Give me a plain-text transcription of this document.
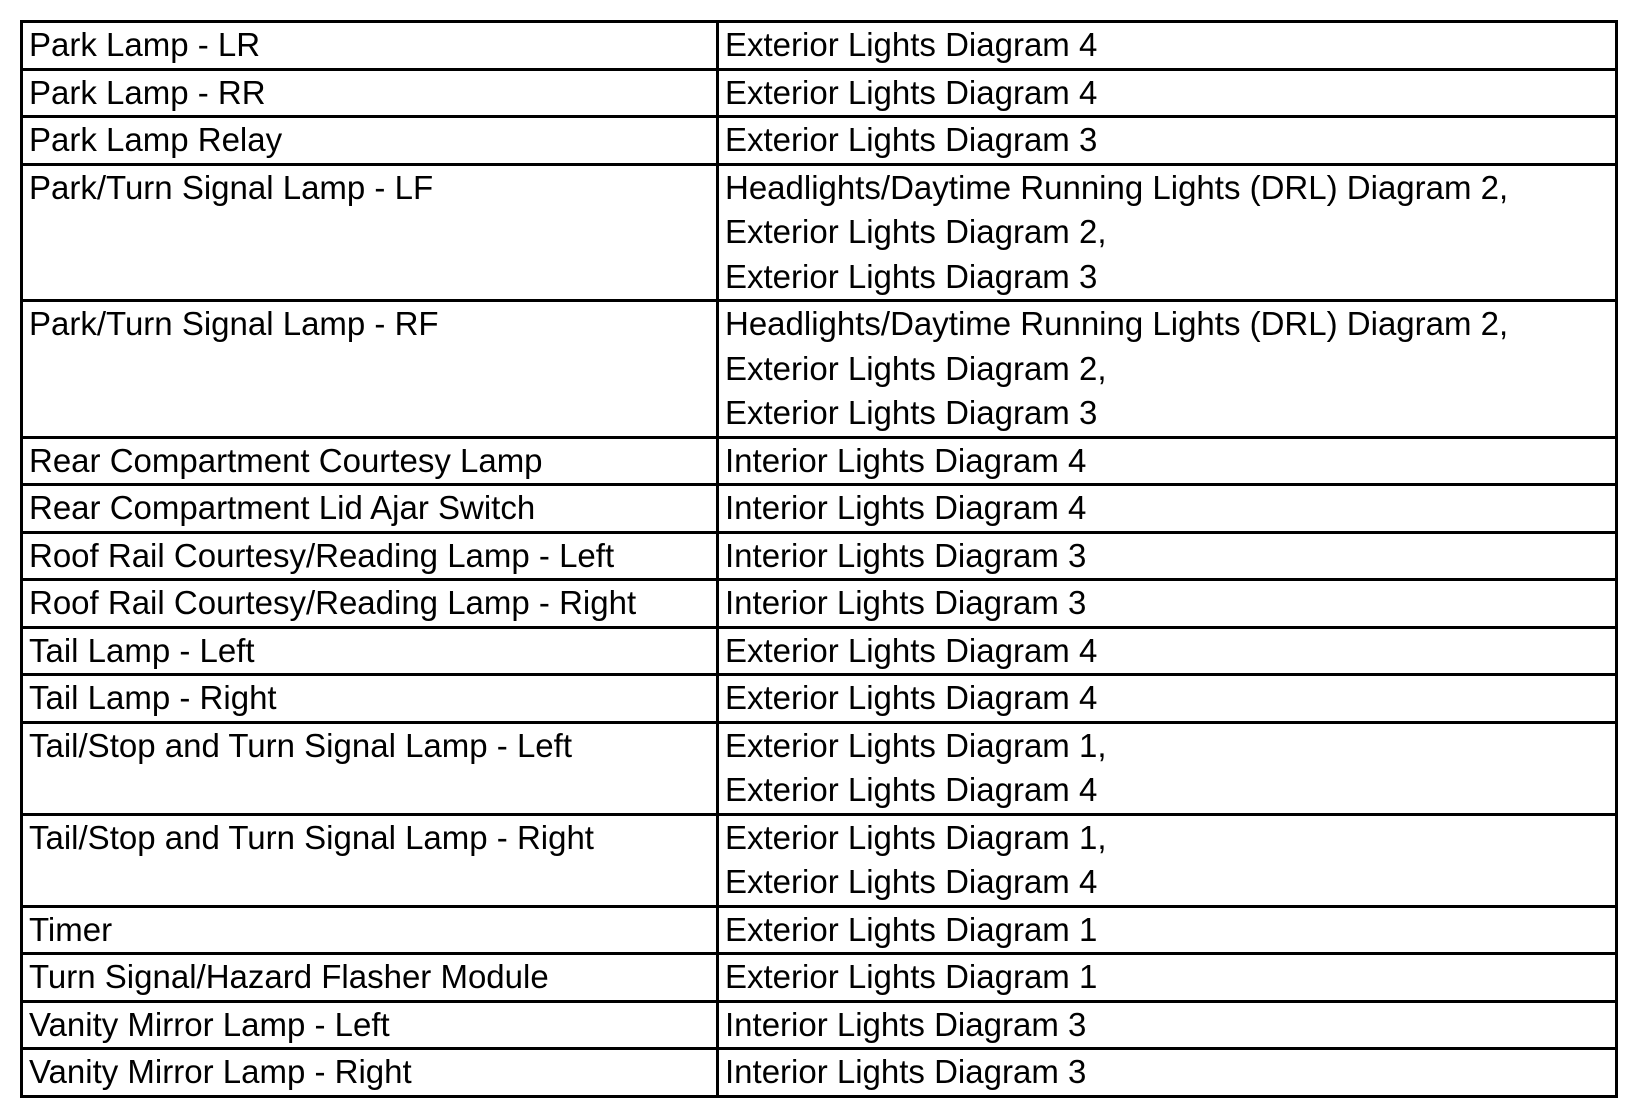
Park Lamp - LR	Exterior Lights Diagram 4

Park Lamp - RR	Exterior Lights Diagram 4

Park Lamp Relay	Exterior Lights Diagram 3

Park/Turn Signal Lamp - LF	Headlights/Daytime Running Lights (DRL) Diagram 2,
Exterior Lights Diagram 2,
Exterior Lights Diagram 3

Park/Turn Signal Lamp - RF	Headlights/Daytime Running Lights (DRL) Diagram 2,
Exterior Lights Diagram 2,
Exterior Lights Diagram 3

Rear Compartment Courtesy Lamp	Interior Lights Diagram 4

Rear Compartment Lid Ajar Switch	Interior Lights Diagram 4

Roof Rail Courtesy/Reading Lamp - Left	Interior Lights Diagram 3

Roof Rail Courtesy/Reading Lamp - Right	Interior Lights Diagram 3

Tail Lamp - Left	Exterior Lights Diagram 4

Tail Lamp - Right	Exterior Lights Diagram 4

Tail/Stop and Turn Signal Lamp - Left	Exterior Lights Diagram 1,
Exterior Lights Diagram 4

Tail/Stop and Turn Signal Lamp - Right	Exterior Lights Diagram 1,
Exterior Lights Diagram 4

Timer	Exterior Lights Diagram 1

Turn Signal/Hazard Flasher Module	Exterior Lights Diagram 1

Vanity Mirror Lamp - Left	Interior Lights Diagram 3

Vanity Mirror Lamp - Right	Interior Lights Diagram 3
